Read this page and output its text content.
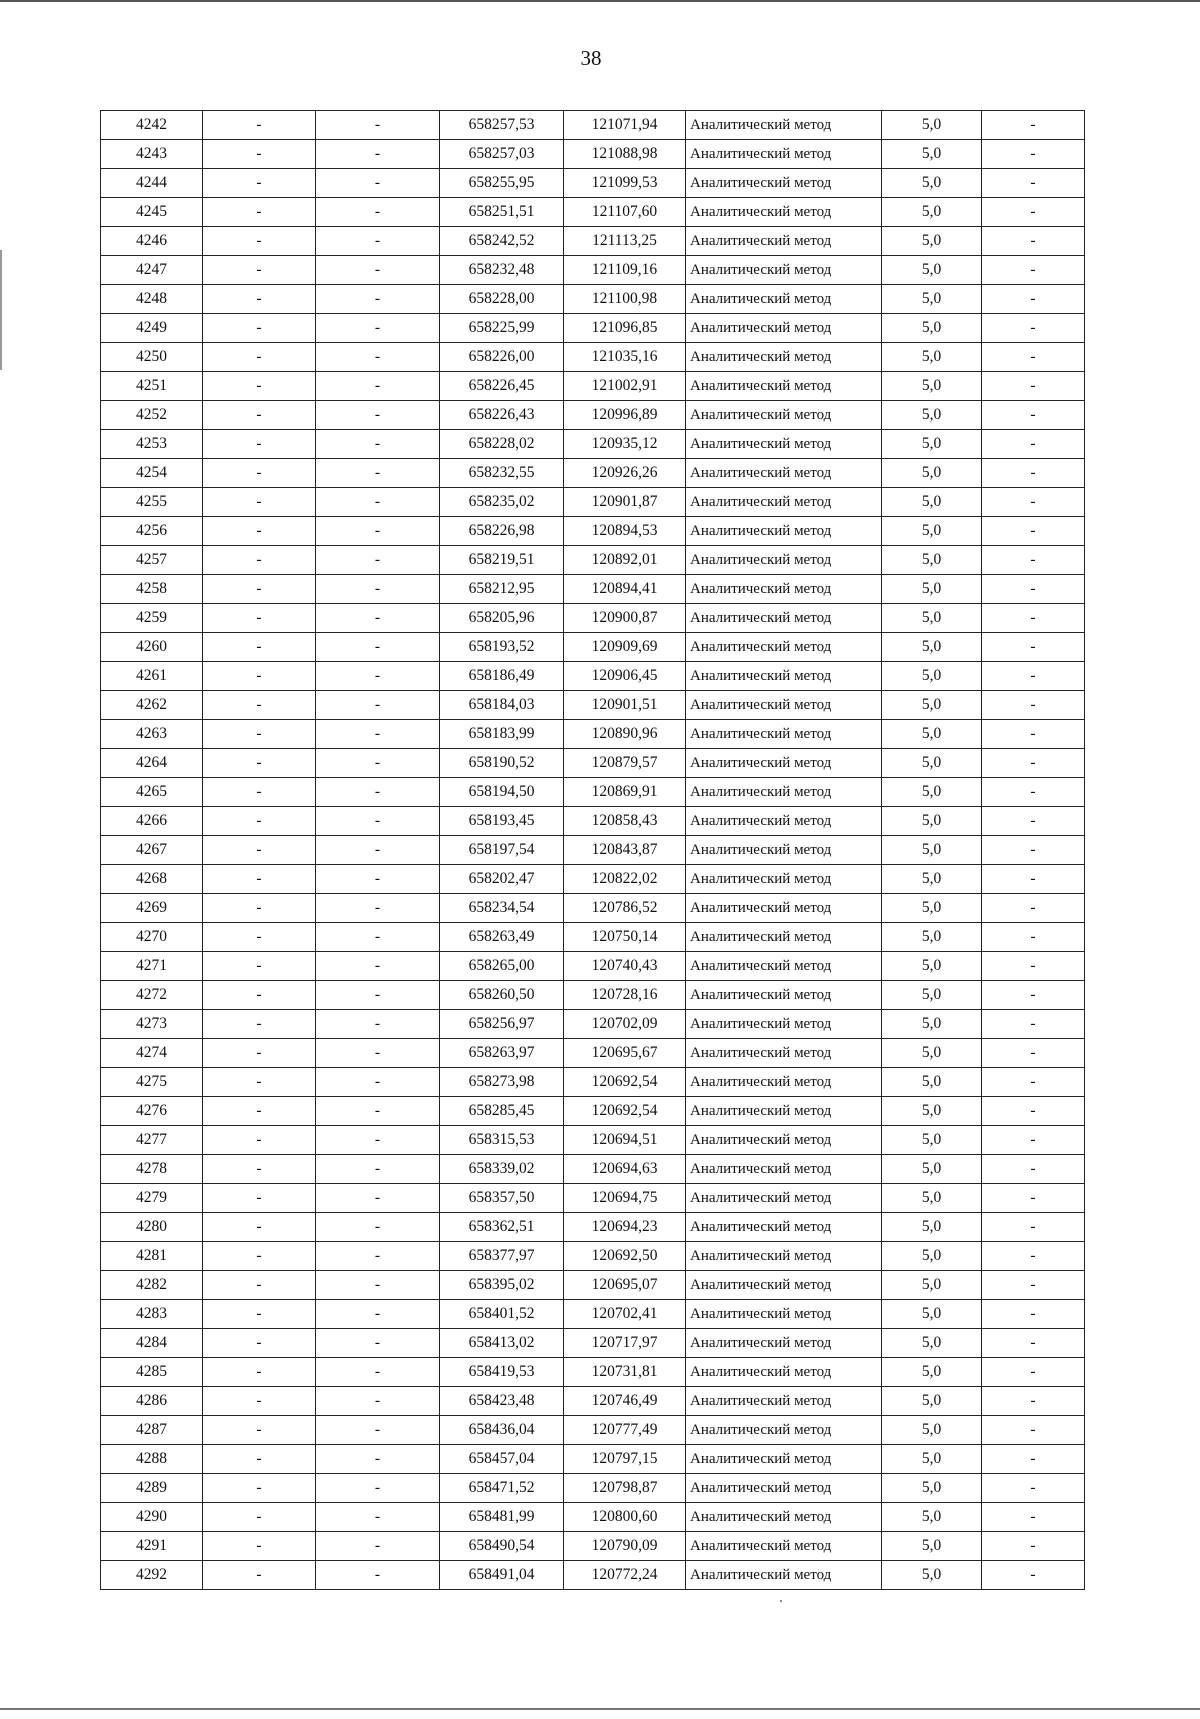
38
4242	-	-	658257,53	121071,94	Аналитический метод	5,0	-
4243	-	-	658257,03	121088,98	Аналитический метод	5,0	-
4244	-	-	658255,95	121099,53	Аналитический метод	5,0	-
4245	-	-	658251,51	121107,60	Аналитический метод	5,0	-
4246	-	-	658242,52	121113,25	Аналитический метод	5,0	-
4247	-	-	658232,48	121109,16	Аналитический метод	5,0	-
4248	-	-	658228,00	121100,98	Аналитический метод	5,0	-
4249	-	-	658225,99	121096,85	Аналитический метод	5,0	-
4250	-	-	658226,00	121035,16	Аналитический метод	5,0	-
4251	-	-	658226,45	121002,91	Аналитический метод	5,0	-
4252	-	-	658226,43	120996,89	Аналитический метод	5,0	-
4253	-	-	658228,02	120935,12	Аналитический метод	5,0	-
4254	-	-	658232,55	120926,26	Аналитический метод	5,0	-
4255	-	-	658235,02	120901,87	Аналитический метод	5,0	-
4256	-	-	658226,98	120894,53	Аналитический метод	5,0	-
4257	-	-	658219,51	120892,01	Аналитический метод	5,0	-
4258	-	-	658212,95	120894,41	Аналитический метод	5,0	-
4259	-	-	658205,96	120900,87	Аналитический метод	5,0	-
4260	-	-	658193,52	120909,69	Аналитический метод	5,0	-
4261	-	-	658186,49	120906,45	Аналитический метод	5,0	-
4262	-	-	658184,03	120901,51	Аналитический метод	5,0	-
4263	-	-	658183,99	120890,96	Аналитический метод	5,0	-
4264	-	-	658190,52	120879,57	Аналитический метод	5,0	-
4265	-	-	658194,50	120869,91	Аналитический метод	5,0	-
4266	-	-	658193,45	120858,43	Аналитический метод	5,0	-
4267	-	-	658197,54	120843,87	Аналитический метод	5,0	-
4268	-	-	658202,47	120822,02	Аналитический метод	5,0	-
4269	-	-	658234,54	120786,52	Аналитический метод	5,0	-
4270	-	-	658263,49	120750,14	Аналитический метод	5,0	-
4271	-	-	658265,00	120740,43	Аналитический метод	5,0	-
4272	-	-	658260,50	120728,16	Аналитический метод	5,0	-
4273	-	-	658256,97	120702,09	Аналитический метод	5,0	-
4274	-	-	658263,97	120695,67	Аналитический метод	5,0	-
4275	-	-	658273,98	120692,54	Аналитический метод	5,0	-
4276	-	-	658285,45	120692,54	Аналитический метод	5,0	-
4277	-	-	658315,53	120694,51	Аналитический метод	5,0	-
4278	-	-	658339,02	120694,63	Аналитический метод	5,0	-
4279	-	-	658357,50	120694,75	Аналитический метод	5,0	-
4280	-	-	658362,51	120694,23	Аналитический метод	5,0	-
4281	-	-	658377,97	120692,50	Аналитический метод	5,0	-
4282	-	-	658395,02	120695,07	Аналитический метод	5,0	-
4283	-	-	658401,52	120702,41	Аналитический метод	5,0	-
4284	-	-	658413,02	120717,97	Аналитический метод	5,0	-
4285	-	-	658419,53	120731,81	Аналитический метод	5,0	-
4286	-	-	658423,48	120746,49	Аналитический метод	5,0	-
4287	-	-	658436,04	120777,49	Аналитический метод	5,0	-
4288	-	-	658457,04	120797,15	Аналитический метод	5,0	-
4289	-	-	658471,52	120798,87	Аналитический метод	5,0	-
4290	-	-	658481,99	120800,60	Аналитический метод	5,0	-
4291	-	-	658490,54	120790,09	Аналитический метод	5,0	-
4292	-	-	658491,04	120772,24	Аналитический метод	5,0	-
